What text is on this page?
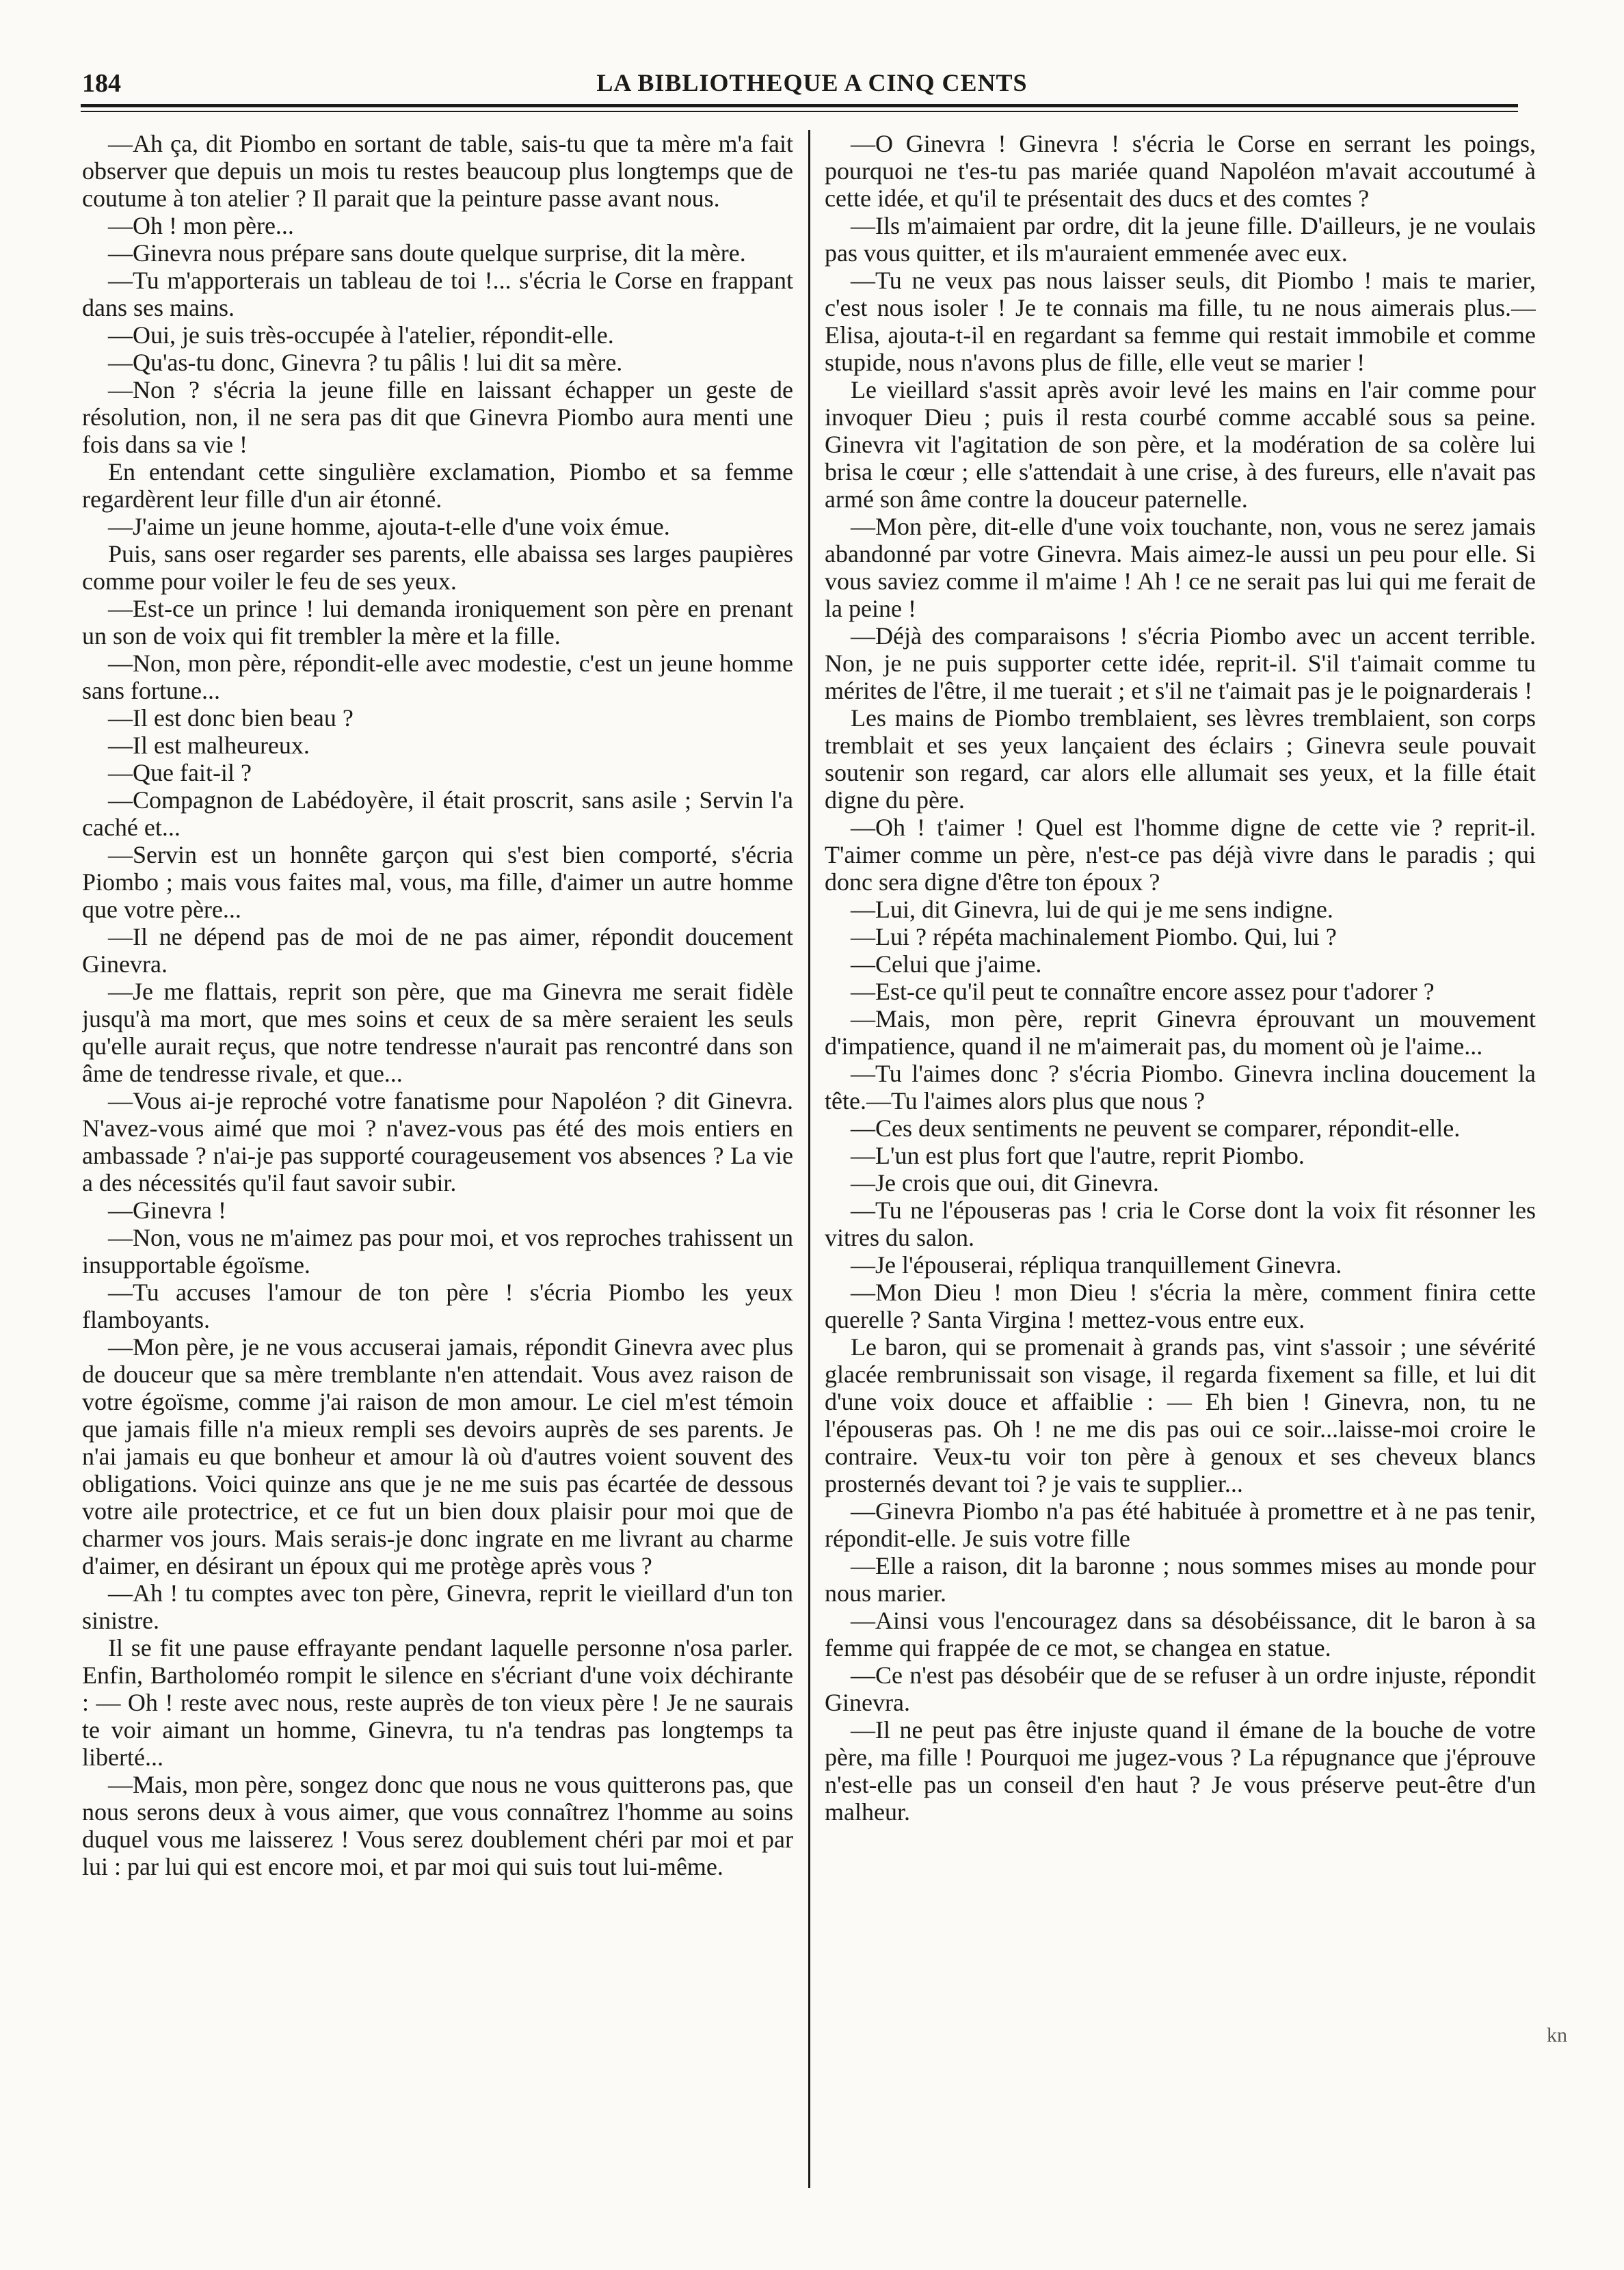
184	LA BIBLIOTHEQUE A CINQ CENTS

—Ah ça, dit Piombo en sortant de table, sais-tu que ta mère m'a fait observer que depuis un mois tu restes beaucoup plus longtemps que de coutume à ton atelier ? Il parait que la peinture passe avant nous.

—Oh ! mon père...

—Ginevra nous prépare sans doute quelque surprise, dit la mère.

—Tu m'apporterais un tableau de toi !... s'écria le Corse en frappant dans ses mains.

—Oui, je suis très-occupée à l'atelier, répondit-elle.

—Qu'as-tu donc, Ginevra ? tu pâlis ! lui dit sa mère.

—Non ? s'écria la jeune fille en laissant échapper un geste de résolution, non, il ne sera pas dit que Ginevra Piombo aura menti une fois dans sa vie !

En entendant cette singulière exclamation, Piombo et sa femme regardèrent leur fille d'un air étonné.

—J'aime un jeune homme, ajouta-t-elle d'une voix émue.

Puis, sans oser regarder ses parents, elle abaissa ses larges paupières comme pour voiler le feu de ses yeux.

—Est-ce un prince ! lui demanda ironiquement son père en prenant un son de voix qui fit trembler la mère et la fille.

—Non, mon père, répondit-elle avec modestie, c'est un jeune homme sans fortune...

—Il est donc bien beau ?

—Il est malheureux.

—Que fait-il ?

—Compagnon de Labédoyère, il était proscrit, sans asile ; Servin l'a caché et...

—Servin est un honnête garçon qui s'est bien comporté, s'écria Piombo ; mais vous faites mal, vous, ma fille, d'aimer un autre homme que votre père...

—Il ne dépend pas de moi de ne pas aimer, répondit doucement Ginevra.

—Je me flattais, reprit son père, que ma Ginevra me serait fidèle jusqu'à ma mort, que mes soins et ceux de sa mère seraient les seuls qu'elle aurait reçus, que notre tendresse n'aurait pas rencontré dans son âme de tendresse rivale, et que...

—Vous ai-je reproché votre fanatisme pour Napoléon ? dit Ginevra. N'avez-vous aimé que moi ? n'avez-vous pas été des mois entiers en ambassade ? n'ai-je pas supporté courageusement vos absences ? La vie a des nécessités qu'il faut savoir subir.

—Ginevra !

—Non, vous ne m'aimez pas pour moi, et vos reproches trahissent un insupportable égoïsme.

—Tu accuses l'amour de ton père ! s'écria Piombo les yeux flamboyants.

—Mon père, je ne vous accuserai jamais, répondit Ginevra avec plus de douceur que sa mère tremblante n'en attendait. Vous avez raison de votre égoïsme, comme j'ai raison de mon amour. Le ciel m'est témoin que jamais fille n'a mieux rempli ses devoirs auprès de ses parents. Je n'ai jamais eu que bonheur et amour là où d'autres voient souvent des obligations. Voici quinze ans que je ne me suis pas écartée de dessous votre aile protectrice, et ce fut un bien doux plaisir pour moi que de charmer vos jours. Mais serais-je donc ingrate en me livrant au charme d'aimer, en désirant un époux qui me protège après vous ?

—Ah ! tu comptes avec ton père, Ginevra, reprit le vieillard d'un ton sinistre.

Il se fit une pause effrayante pendant laquelle personne n'osa parler. Enfin, Bartholoméo rompit le silence en s'écriant d'une voix déchirante : — Oh ! reste avec nous, reste auprès de ton vieux père ! Je ne saurais te voir aimant un homme, Ginevra, tu n'a tendras pas longtemps ta liberté...

—Mais, mon père, songez donc que nous ne vous quitterons pas, que nous serons deux à vous aimer, que vous connaîtrez l'homme au soins duquel vous me laisserez ! Vous serez doublement chéri par moi et par lui : par lui qui est encore moi, et par moi qui suis tout lui-même.

—O Ginevra ! Ginevra ! s'écria le Corse en serrant les poings, pourquoi ne t'es-tu pas mariée quand Napoléon m'avait accoutumé à cette idée, et qu'il te présentait des ducs et des comtes ?

—Ils m'aimaient par ordre, dit la jeune fille. D'ailleurs, je ne voulais pas vous quitter, et ils m'auraient emmenée avec eux.

—Tu ne veux pas nous laisser seuls, dit Piombo ! mais te marier, c'est nous isoler ! Je te connais ma fille, tu ne nous aimerais plus.— Elisa, ajouta-t-il en regardant sa femme qui restait immobile et comme stupide, nous n'avons plus de fille, elle veut se marier !

Le vieillard s'assit après avoir levé les mains en l'air comme pour invoquer Dieu ; puis il resta courbé comme accablé sous sa peine. Ginevra vit l'agitation de son père, et la modération de sa colère lui brisa le cœur ; elle s'attendait à une crise, à des fureurs, elle n'avait pas armé son âme contre la douceur paternelle.

—Mon père, dit-elle d'une voix touchante, non, vous ne serez jamais abandonné par votre Ginevra. Mais aimez-le aussi un peu pour elle. Si vous saviez comme il m'aime ! Ah ! ce ne serait pas lui qui me ferait de la peine !

—Déjà des comparaisons ! s'écria Piombo avec un accent terrible. Non, je ne puis supporter cette idée, reprit-il. S'il t'aimait comme tu mérites de l'être, il me tuerait ; et s'il ne t'aimait pas je le poignarderais !

Les mains de Piombo tremblaient, ses lèvres tremblaient, son corps tremblait et ses yeux lançaient des éclairs ; Ginevra seule pouvait soutenir son regard, car alors elle allumait ses yeux, et la fille était digne du père.

—Oh ! t'aimer ! Quel est l'homme digne de cette vie ? reprit-il. T'aimer comme un père, n'est-ce pas déjà vivre dans le paradis ; qui donc sera digne d'être ton époux ?

—Lui, dit Ginevra, lui de qui je me sens indigne.

—Lui ? répéta machinalement Piombo. Qui, lui ?

—Celui que j'aime.

—Est-ce qu'il peut te connaître encore assez pour t'adorer ?

—Mais, mon père, reprit Ginevra éprouvant un mouvement d'impatience, quand il ne m'aimerait pas, du moment où je l'aime...

—Tu l'aimes donc ? s'écria Piombo. Ginevra inclina doucement la tête.—Tu l'aimes alors plus que nous ?

—Ces deux sentiments ne peuvent se comparer, répondit-elle.

—L'un est plus fort que l'autre, reprit Piombo.

—Je crois que oui, dit Ginevra.

—Tu ne l'épouseras pas ! cria le Corse dont la voix fit résonner les vitres du salon.

—Je l'épouserai, répliqua tranquillement Ginevra.

—Mon Dieu ! mon Dieu ! s'écria la mère, comment finira cette querelle ? Santa Virgina ! mettez-vous entre eux.

Le baron, qui se promenait à grands pas, vint s'assoir ; une sévérité glacée rembrunissait son visage, il regarda fixement sa fille, et lui dit d'une voix douce et affaiblie : — Eh bien ! Ginevra, non, tu ne l'épouseras pas. Oh ! ne me dis pas oui ce soir...laisse-moi croire le contraire. Veux-tu voir ton père à genoux et ses cheveux blancs prosternés devant toi ? je vais te supplier...

—Ginevra Piombo n'a pas été habituée à promettre et à ne pas tenir, répondit-elle. Je suis votre fille

—Elle a raison, dit la baronne ; nous sommes mises au monde pour nous marier.

—Ainsi vous l'encouragez dans sa désobéissance, dit le baron à sa femme qui frappée de ce mot, se changea en statue.

—Ce n'est pas désobéir que de se refuser à un ordre injuste, répondit Ginevra.

—Il ne peut pas être injuste quand il émane de la bouche de votre père, ma fille ! Pourquoi me jugez-vous ? La répugnance que j'éprouve n'est-elle pas un conseil d'en haut ? Je vous préserve peut-être d'un malheur.

kn
